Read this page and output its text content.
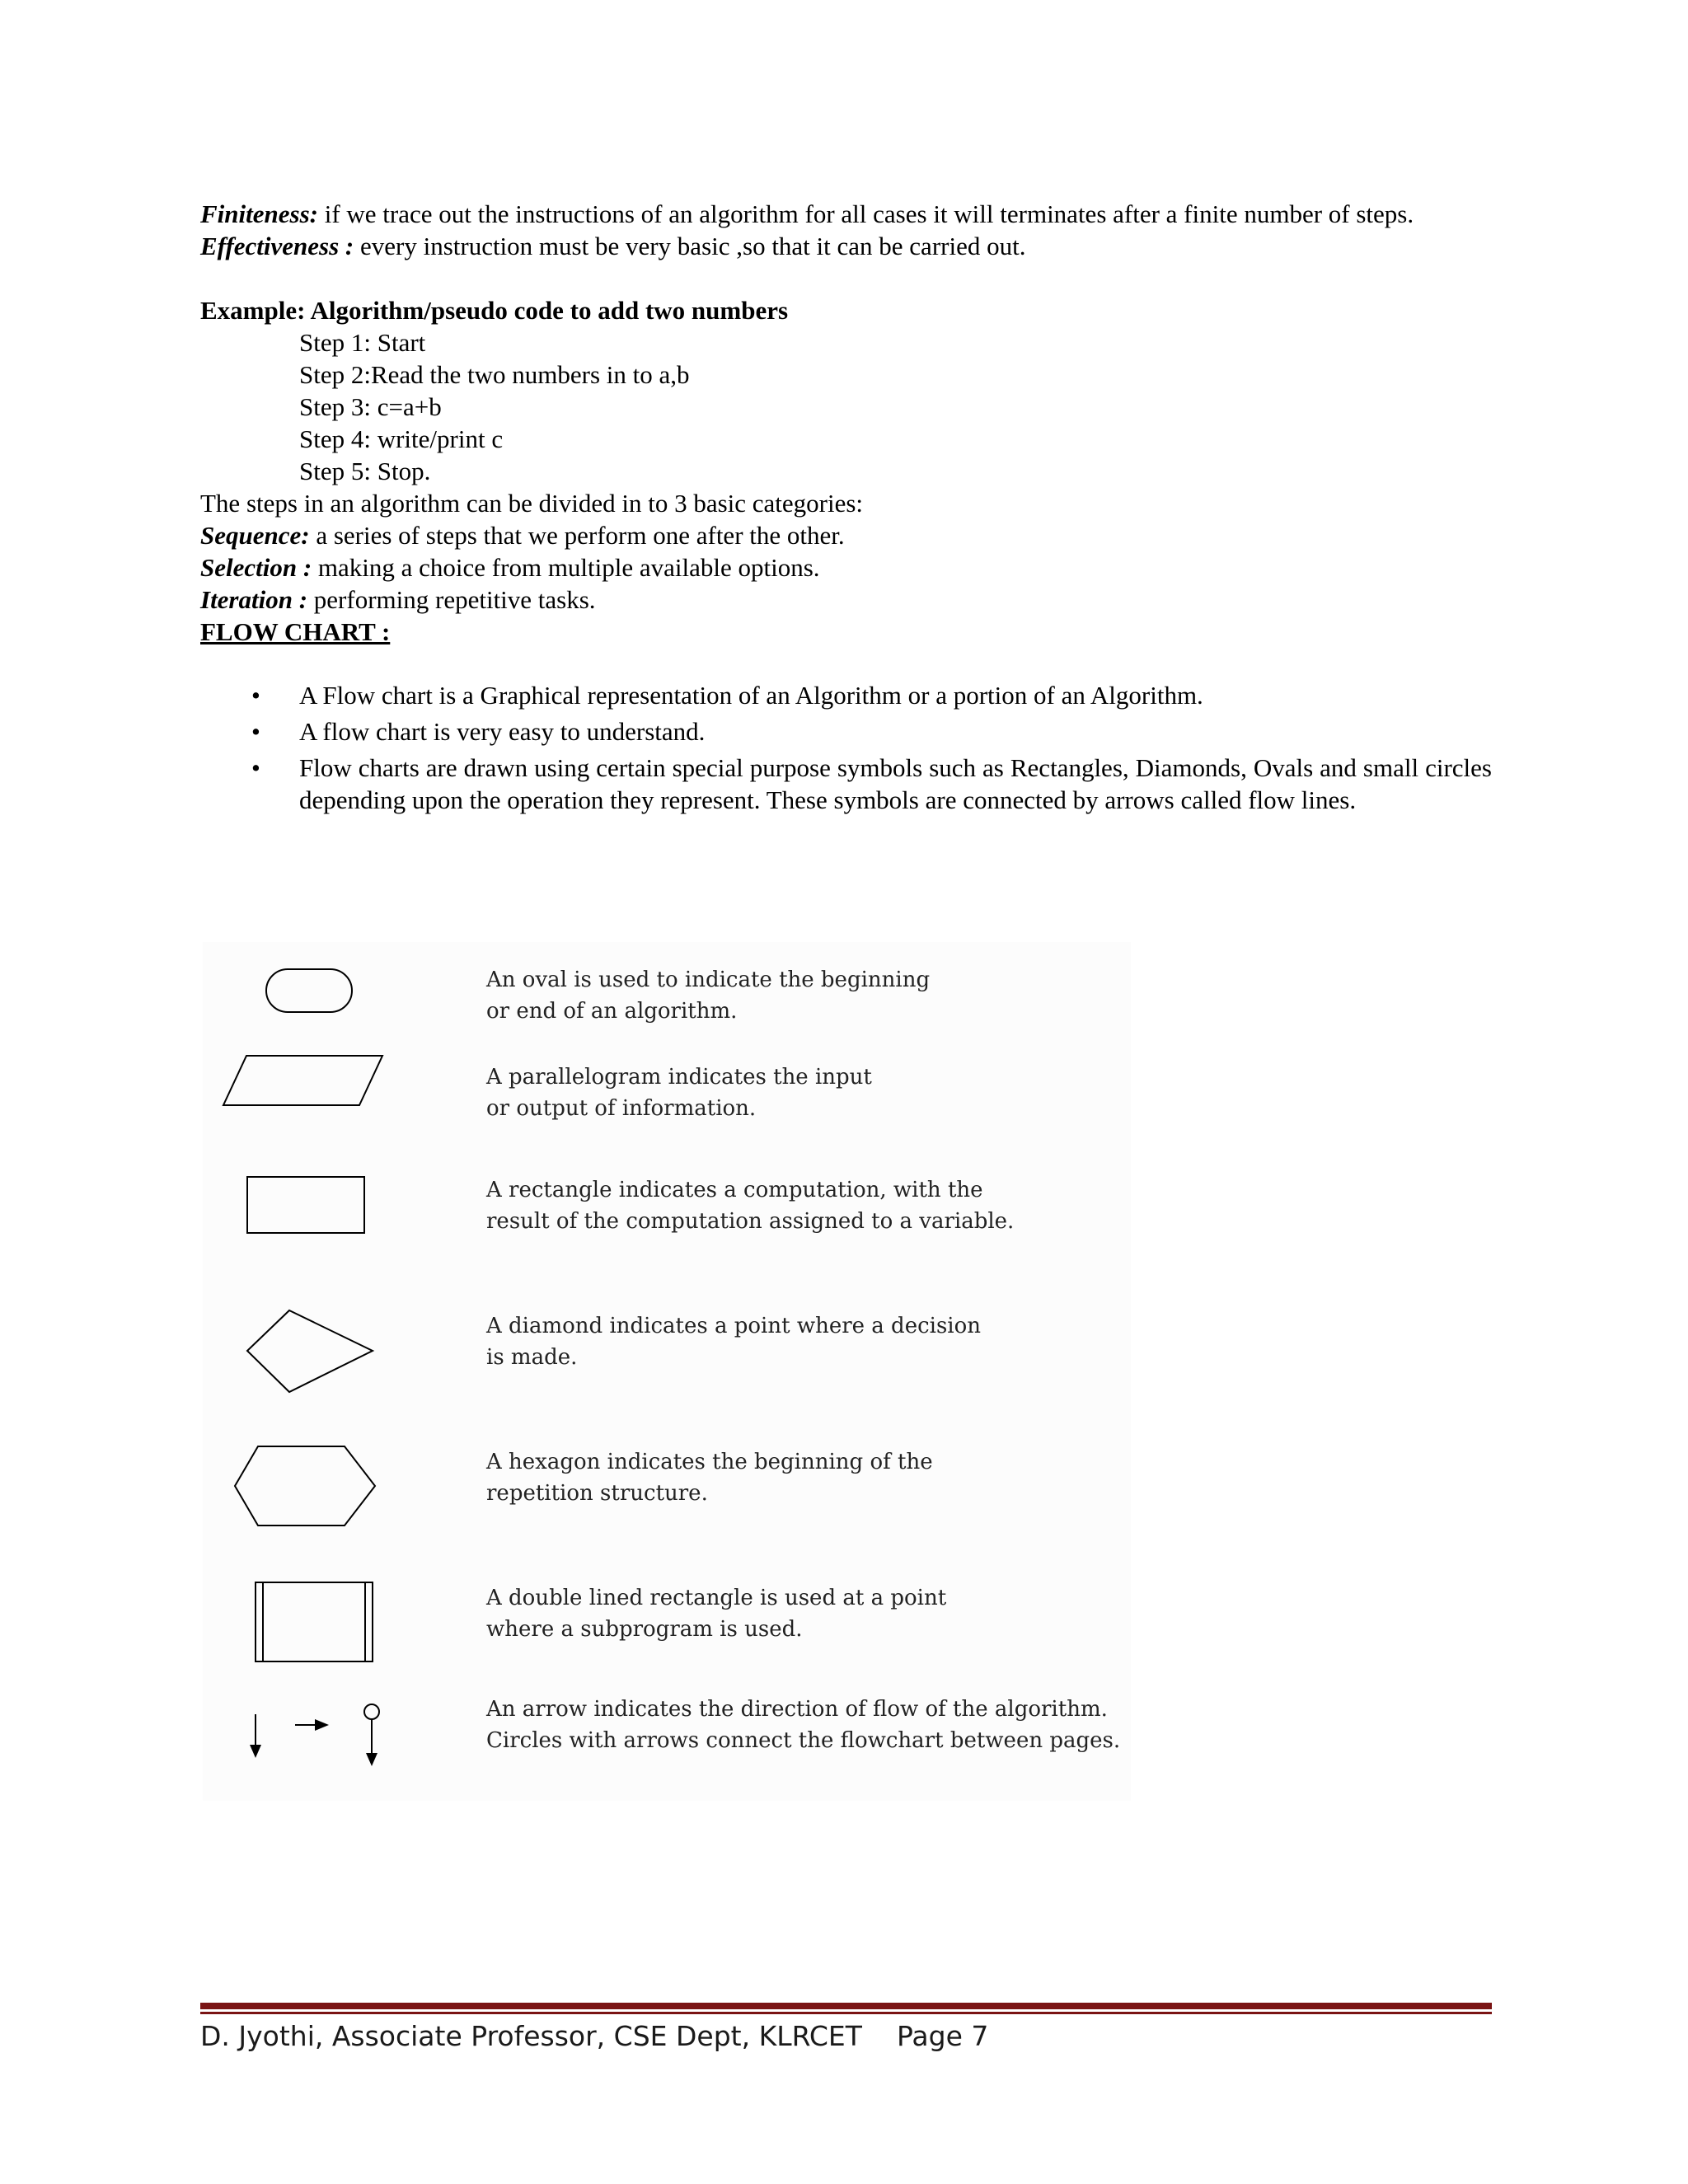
Finiteness: if we trace out the instructions of an algorithm for all cases it will terminates after a finite number of steps.

Effectiveness : every instruction must be very basic ,so that it can be carried out.

Example: Algorithm/pseudo code to add two numbers

Step 1: Start

Step 2:Read the two numbers in to a,b

Step 3: c=a+b

Step 4: write/print c

Step 5: Stop.

The steps in an algorithm can be divided in to 3 basic categories:

Sequence: a series of steps that we perform one after the other.

Selection : making a choice from multiple available options.

Iteration : performing repetitive tasks.

FLOW CHART :

• A Flow chart is a Graphical representation of an Algorithm or a portion of an Algorithm.
• A flow chart is very easy to understand.
• Flow charts are drawn using certain special purpose symbols such as Rectangles, Diamonds, Ovals and small circles depending upon the operation they represent. These symbols are connected by arrows called flow lines.

An oval is used to indicate the beginning
or end of an algorithm.

A parallelogram indicates the input
or output of information.

A rectangle indicates a computation, with the
result of the computation assigned to a variable.

A diamond indicates a point where a decision
is made.

A hexagon indicates the beginning of the
repetition structure.

A double lined rectangle is used at a point
where a subprogram is used.

An arrow indicates the direction of flow of the algorithm.
Circles with arrows connect the flowchart between pages.

D. Jyothi, Associate Professor, CSE Dept, KLRCET Page 7
